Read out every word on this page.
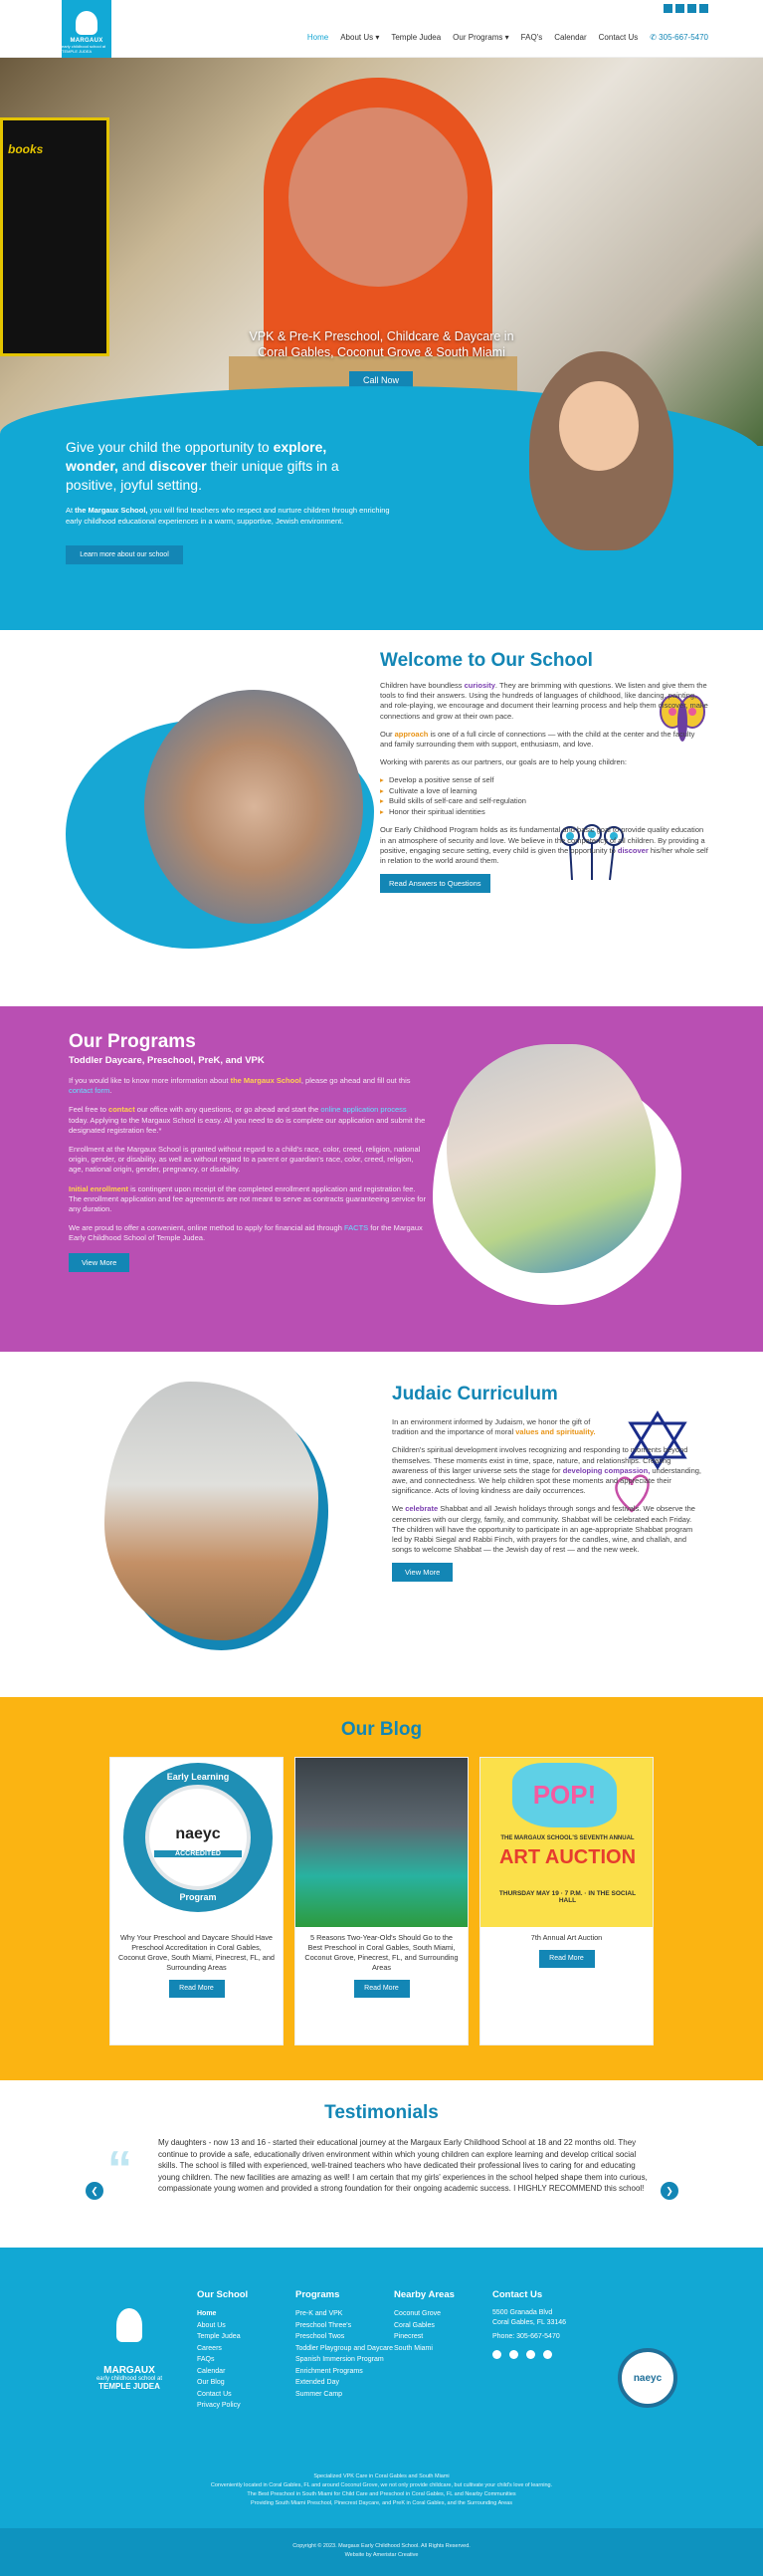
MARGAUX
early childhood school at TEMPLE JUDEA
Home About Us ▾ Temple Judea Our Programs ▾ FAQ's Calendar Contact Us ✆ 305-667-5470
books
VPK & Pre-K Preschool, Childcare & Daycare in
Coral Gables, Coconut Grove & South Miami
Call Now
Give your child the opportunity to explore, wonder, and discover their unique gifts in a positive, joyful setting.
At the Margaux School, you will find teachers who respect and nurture children through enriching early childhood educational experiences in a warm, supportive, Jewish environment.
Learn more about our school
Welcome to Our School

Children have boundless curiosity. They are brimming with questions. We listen and give them the tools to find their answers. Using the hundreds of languages of childhood, like dancing, painting, and role-playing, we encourage and document their learning process and help them discover, make connections and grow at their own pace.

Our approach is one of a full circle of connections — with the child at the center and the faculty and family surrounding them with support, enthusiasm, and love.

Working with parents as our partners, our goals are to help young children:

▸ Develop a positive sense of self
▸ Cultivate a love of learning
▸ Build skills of self-care and self-regulation
▸ Honor their spiritual identities

Our Early Childhood Program holds as its fundamental and basic goal to provide quality education in an atmosphere of security and love. We believe in the competency of all children. By providing a positive, engaging secure setting, every child is given the opportunity to discover his/her whole self in relation to the world around them.

Read Answers to Questions
Our Programs
Toddler Daycare, Preschool, PreK, and VPK

If you would like to know more information about the Margaux School, please go ahead and fill out this contact form.

Feel free to contact our office with any questions, or go ahead and start the online application process today. Applying to the Margaux School is easy. All you need to do is complete our application and submit the designated registration fee.*

Enrollment at the Margaux School is granted without regard to a child's race, color, creed, religion, national origin, gender, or disability, as well as without regard to a parent or guardian's race, color, creed, religion, age, national origin, gender, pregnancy, or disability.

Initial enrollment is contingent upon receipt of the completed enrollment application and registration fee. The enrollment application and fee agreements are not meant to serve as contracts guaranteeing service for any duration.

We are proud to offer a convenient, online method to apply for financial aid through FACTS for the Margaux Early Childhood School of Temple Judea.

View More
Judaic Curriculum

In an environment informed by Judaism, we honor the gift of tradition and the importance of moral values and spirituality.

Children's spiritual development involves recognizing and responding to moments beyond themselves. These moments exist in time, space, nature, and relationships. Creating awareness of this larger universe sets the stage for developing compassion, understanding, awe, and connectedness. We help children spot these moments and appreciate their significance. Acts of loving kindness are daily occurrences.

We celebrate Shabbat and all Jewish holidays through songs and festivals. We observe the ceremonies with our clergy, family, and community. Shabbat will be celebrated each Friday. The children will have the opportunity to participate in an age-appropriate Shabbat program led by Rabbi Siegal and Rabbi Finch, with prayers for the candles, wine, and challah, and songs to welcome Shabbat — the Jewish day of rest — and the new week.

View More
Our Blog
Early Learning
naeyc
ACCREDITED
Program
Why Your Preschool and Daycare Should Have Preschool Accreditation in Coral Gables, Coconut Grove, South Miami, Pinecrest, FL, and Surrounding Areas
Read More
5 Reasons Two-Year-Old's Should Go to the Best Preschool in Coral Gables, South Miami, Coconut Grove, Pinecrest, FL, and Surrounding Areas
Read More
POP!
THE MARGAUX SCHOOL'S SEVENTH ANNUAL
ART AUCTION
THURSDAY MAY 19 · 7 P.M. · IN THE SOCIAL HALL
7th Annual Art Auction
Read More
Testimonials
❮ “	My daughters - now 13 and 16 - started their educational journey at the Margaux Early Childhood School at 18 and 22 months old. They continue to provide a safe, educationally driven environment within which young children can explore learning and develop critical social skills. The school is filled with experienced, well-trained teachers who have dedicated their professional lives to caring for and educating young children. The new facilities are amazing as well! I am certain that my girls' experiences in the school helped shape them into curious, compassionate young women and provided a strong foundation for their ongoing academic success. I HIGHLY RECOMMEND this school!	❯
MARGAUX
early childhood school at
TEMPLE JUDEA
Our School
Home
About Us
Temple Judea
Careers
FAQs
Calendar
Our Blog
Contact Us
Privacy Policy
Programs
Pre-K and VPK
Preschool Three's
Preschool Twos
Toddler Playgroup and Daycare
Spanish Immersion Program
Enrichment Programs
Extended Day
Summer Camp
Nearby Areas
Coconut Grove
Coral Gables
Pinecrest
South Miami
Contact Us

5500 Granada Blvd
Coral Gables, FL 33146

Phone: 305-667-5470

naeyc
Specialized VPK Care in Coral Gables and South Miami
Conveniently located in Coral Gables, FL and around Coconut Grove, we not only provide childcare, but cultivate your child's love of learning.
The Best Preschool in South Miami for Child Care and Preschool in Coral Gables, FL and Nearby Communities
Providing South Miami Preschool, Pinecrest Daycare, and PreK in Coral Gables, and the Surrounding Areas
Copyright © 2023. Margaux Early Childhood School. All Rights Reserved.
Website by Ameristar Creative
